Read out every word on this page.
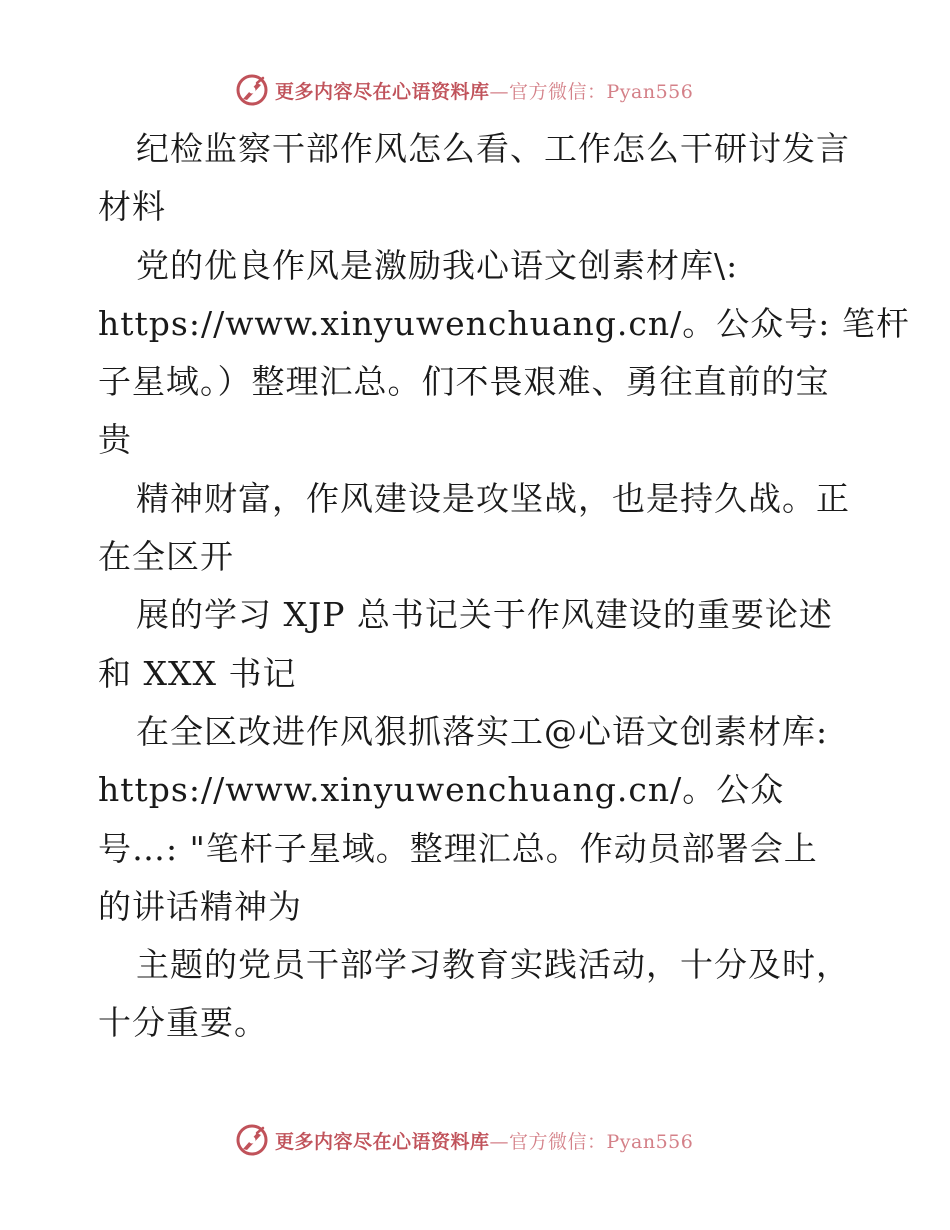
更多内容尽在心语资料库—官方微信：Pyan556

纪检监察干部作风怎么看、工作怎么干研讨发言

材料

党的优良作风是激励我心语文创素材库\:

https://www.xinyuwenchuang.cn/。公众号: 笔杆

子星域。）整理汇总。们不畏艰难、勇往直前的宝

贵

精神财富，作风建设是攻坚战，也是持久战。正

在全区开

展的学习 XJP 总书记关于作风建设的重要论述

和 XXX 书记

在全区改进作风狠抓落实工@心语文创素材库:

https://www.xinyuwenchuang.cn/。公众

号…: "笔杆子星域。整理汇总。作动员部署会上

的讲话精神为

主题的党员干部学习教育实践活动，十分及时，

十分重要。

更多内容尽在心语资料库—官方微信：Pyan556
